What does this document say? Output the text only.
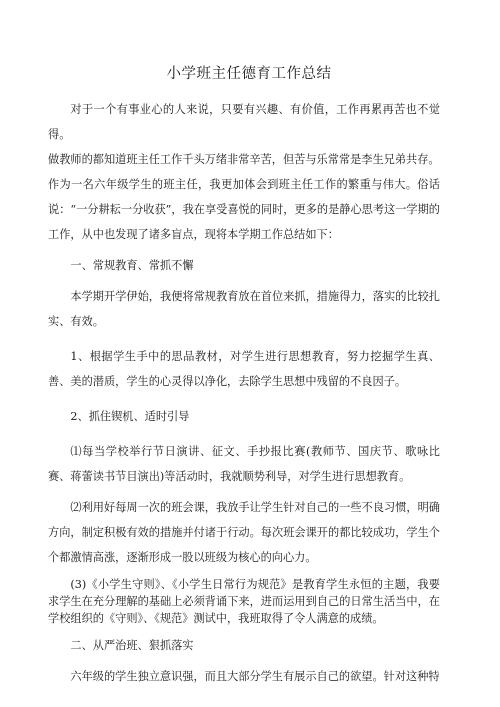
小学班主任德育工作总结

对于一个有事业心的人来说，只要有兴趣、有价值，工作再累再苦也不觉得。

做教师的都知道班主任工作千头万绪非常辛苦，但苦与乐常常是李生兄弟共存。

作为一名六年级学生的班主任，我更加体会到班主任工作的繁重与伟大。俗话说：“一分耕耘一分收获”，我在享受喜悦的同时，更多的是静心思考这一学期的工作，从中也发现了诸多盲点，现将本学期工作总结如下：

一、常规教育、常抓不懈

本学期开学伊始，我便将常规教育放在首位来抓，措施得力，落实的比较扎实、有效。

1、根据学生手中的思品教材，对学生进行思想教育，努力挖掘学生真、善、美的潜质，学生的心灵得以净化，去除学生思想中残留的不良因子。

2、抓住锲机、适时引导

⑴每当学校举行节日演讲、征文、手抄报比赛(教师节、国庆节、歌咏比赛、蒋蕾读书节目演出)等活动时，我就顺势利导，对学生进行思想教育。

⑵利用好每周一次的班会课，我放手让学生针对自己的一些不良习惯，明确方向，制定积极有效的措施并付诸于行动。每次班会课开的都比较成功，学生个个都激情高涨，逐渐形成一股以班级为核心的向心力。

(3)《小学生守则》、《小学生日常行为规范》是教育学生永恒的主题，我要求学生在充分理解的基础上必须背诵下来，进而运用到自己的日常生活当中，在学校组织的《守则》、《规范》测试中，我班取得了令人满意的成绩。

二、从严治班、狠抓落实

六年级的学生独立意识强，而且大部分学生有展示自己的欲望。针对这种特
